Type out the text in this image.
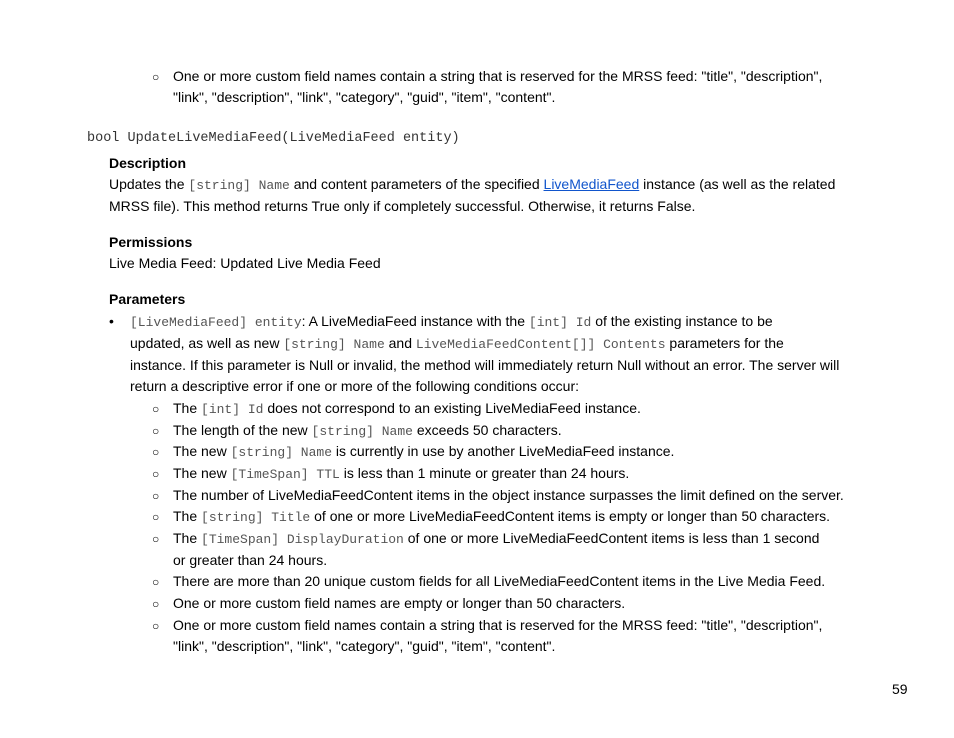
○ One or more custom field names contain a string that is reserved for the MRSS feed: "title", "description",
"link", "description", "link", "category", "guid", "item", "content".
bool UpdateLiveMediaFeed(LiveMediaFeed entity)
Description
Updates the [string] Name and content parameters of the specified LiveMediaFeed instance (as well as the related
MRSS file). This method returns True only if completely successful. Otherwise, it returns False.
Permissions
Live Media Feed: Updated Live Media Feed
Parameters
• [LiveMediaFeed] entity: A LiveMediaFeed instance with the [int] Id of the existing instance to be
updated, as well as new [string] Name and LiveMediaFeedContent[]] Contents parameters for the
instance. If this parameter is Null or invalid, the method will immediately return Null without an error. The server will
return a descriptive error if one or more of the following conditions occur:
○ The [int] Id does not correspond to an existing LiveMediaFeed instance.
○ The length of the new [string] Name exceeds 50 characters.
○ The new [string] Name is currently in use by another LiveMediaFeed instance.
○ The new [TimeSpan] TTL is less than 1 minute or greater than 24 hours.
○ The number of LiveMediaFeedContent items in the object instance surpasses the limit defined on the server.
○ The [string] Title of one or more LiveMediaFeedContent items is empty or longer than 50 characters.
○ The [TimeSpan] DisplayDuration of one or more LiveMediaFeedContent items is less than 1 second
or greater than 24 hours.
○ There are more than 20 unique custom fields for all LiveMediaFeedContent items in the Live Media Feed.
○ One or more custom field names are empty or longer than 50 characters.
○ One or more custom field names contain a string that is reserved for the MRSS feed: "title", "description",
"link", "description", "link", "category", "guid", "item", "content".
59
